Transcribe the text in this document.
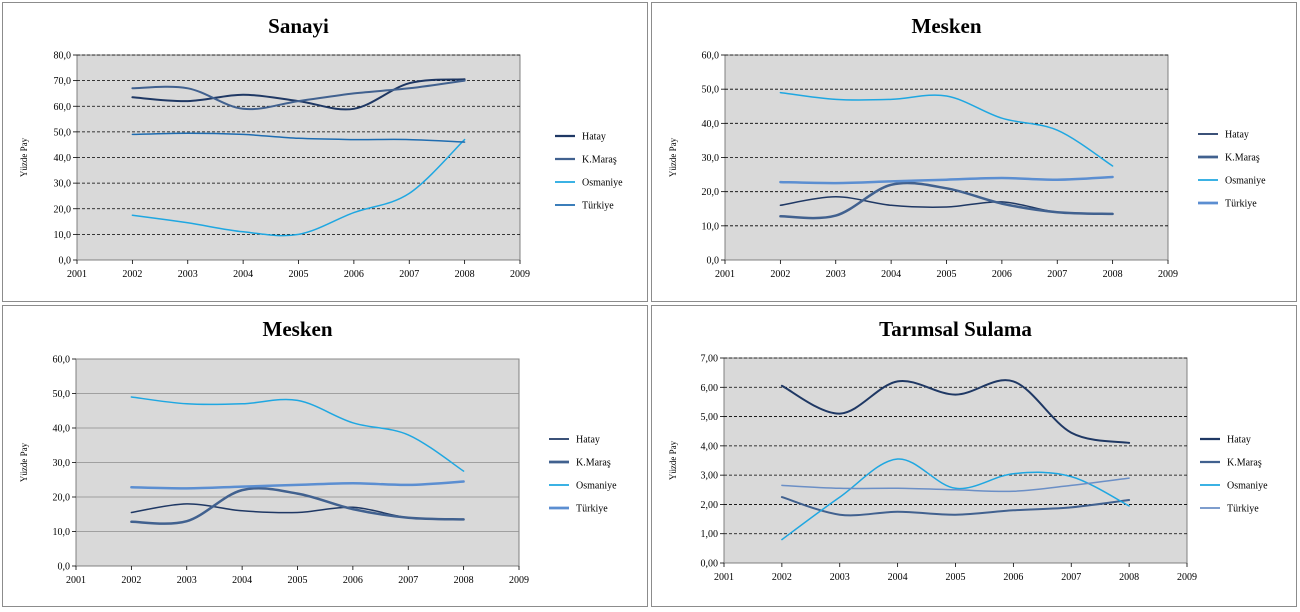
Sanayi
0,0
10,0
20,0
30,0
40,0
50,0
60,0
70,0
80,0
2001	2002	2003	2004	2005	2006	2007	2008	2009
Yüzde Pay
Hatay
K.Maraş
Osmaniye
Türkiye
Mesken
0,0
10,0
20,0
30,0
40,0
50,0
60,0
2001	2002	2003	2004	2005	2006	2007	2008	2009
Yüzde Pay
Hatay
K.Maraş
Osmaniye
Türkiye
Mesken
0,0
10,0
20,0
30,0
40,0
50,0
60,0
2001	2002	2003	2004	2005	2006	2007	2008	2009
Yüzde Pay
Hatay
K.Maraş
Osmaniye
Türkiye
Tarımsal Sulama
0,00
1,00
2,00
3,00
4,00
5,00
6,00
7,00
2001	2002	2003	2004	2005	2006	2007	2008	2009
Yüzde Pay
Hatay
K.Maraş
Osmaniye
Türkiye
